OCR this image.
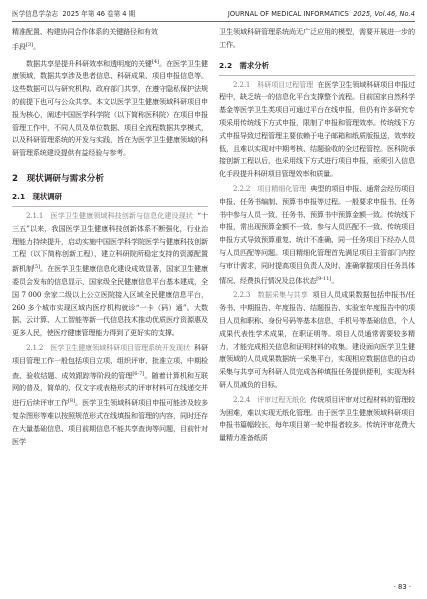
医学信息学杂志 2025 年第 46 卷第 4 期	JOURNAL OF MEDICAL INFORMATICS 2025, Vol.46, No.4

精准配置、构建协同合作体系的关键路径和有效
手段[3]。

数据共享是提升科研效率和透明度的关键[4]。在医学卫生健康领域，数据共享涉及患者信息、科研成果、项目申报信息等。这些数据可以与研究机构、政府部门共享，在遵守隐私保护法规的前提下也可与公众共享。本文以医学卫生健康领域科研项目申报为核心，阐述中国医学科学院（以下简称医科院）在项目申报管理工作中，不同人员及单位数据、项目全流程数据共享模式，以及科研管理系统的开发与实践，旨在为医学卫生健康领域的科研管理系统建设提供有益经验与参考。

2　现状调研与需求分析
2.1　现状调研

2.1.1　医学卫生健康领域科技创新与信息化建设现状 “十三五”以来，我国医学卫生健康科技创新体系不断强化，行业治理能力持续提升，启动实施中国医学科学院医学与健康科技创新工程（以下简称创新工程），建立科研院所稳定支持的资源配置新机制[5]。在医学卫生健康信息化建设成效显著，国家卫生健康委员会发布的信息显示，国家级全民健康信息平台基本建成，全国 7 000 余家二级以上公立医院接入区域全民健康信息平台，260 多个城市实现区域内医疗机构就诊“一卡（码）通”。大数据、云计算、人工智能等新一代信息技术推动优质医疗资源惠及更多人民，使医疗健康管理能力得到了更好实的支撑。

2.1.2　医学卫生健康领域科研项目管理系统开发现状 科研项目管理工作一般包括项目立项、组织评审、批准立项、中期检查、验收结题、成效跟踪等阶段的管理[6-7]。随着计算机和互联网的普及，简单的、仅文字或表格形式的评审材料可在线递交并进行后续评审工作[8]。医学卫生领域科研项目申报可能涉及较多复杂图形等难以按照规范形式在线填报和管理的内容，同时还存在大量基础信息、项目前期信息不能共享查询等问题，目前针对医学

卫生领域科研管理系统尚无广泛应用的模型，需要开展进一步的工作。

2.2　需求分析

2.2.1　科研项目过程管理 在医学卫生领域科研项目申报过程中，缺乏统一的信息化平台支撑整个流程。目前国家自然科学基金等医学卫生类项目可通过平台在线申报，但仍有许多研究专项采用传统线下方式申报，限制了申报和管理效率。传统线下方式申报导致过程管理主要依赖于电子邮箱和纸质版报送，效率较低，且难以实现对中期考核、结题验收的全过程管控。医科院承接创新工程以后，也采用线下方式进行项目申报，亟须引入信息化手段提升科研项目管理效率和质量。

2.2.2　项目精细化管理 典型的项目申报、通常会经历项目申报、任务书编制、预算书申报等过程。一般要求申报书、任务书中参与人员一致，任务书、预算书中预算金额一致。传统线下申报，常出现预算金额不一致、参与人员匹配不一致、传统项目申报方式导致预算重复、统计不准确、同一任务项目下经办人员与人员匹配等问题。项目精细化管理首先满足项目主管部门内控与审计需求，同时提高项目负责人及时、准确掌握项目任务具体情况、经费执行情况及总体状态[9-11]。

2.2.3　数据采集与共享 项目人员成果数据包括申报书/任务书、中期报告、年度报告、结题报告、实验室年度报告中的项目人员和职称、身份号码等基本信息，手机号等基础信息，个人成果代表性学术成果，在职证明等。项目人员通常需要较多精力，才能完成相关信息和证明材料的收集。建设面向医学卫生健康领域的人员成果数据统一采集平台，实现相应数据信息的自动采集与共享可为科研人员完成各种填报任务提供便利，实现为科研人员减负的目标。

2.2.4　评审过程无纸化 传统项目评审对过程材料的管理较为困难，难以实现无纸化管理。由于医学卫生健康领域科研项目申报书篇幅较长，每年项目第一轮申报者较多。传统评审花费大量精力准备纸质

· 83 ·
